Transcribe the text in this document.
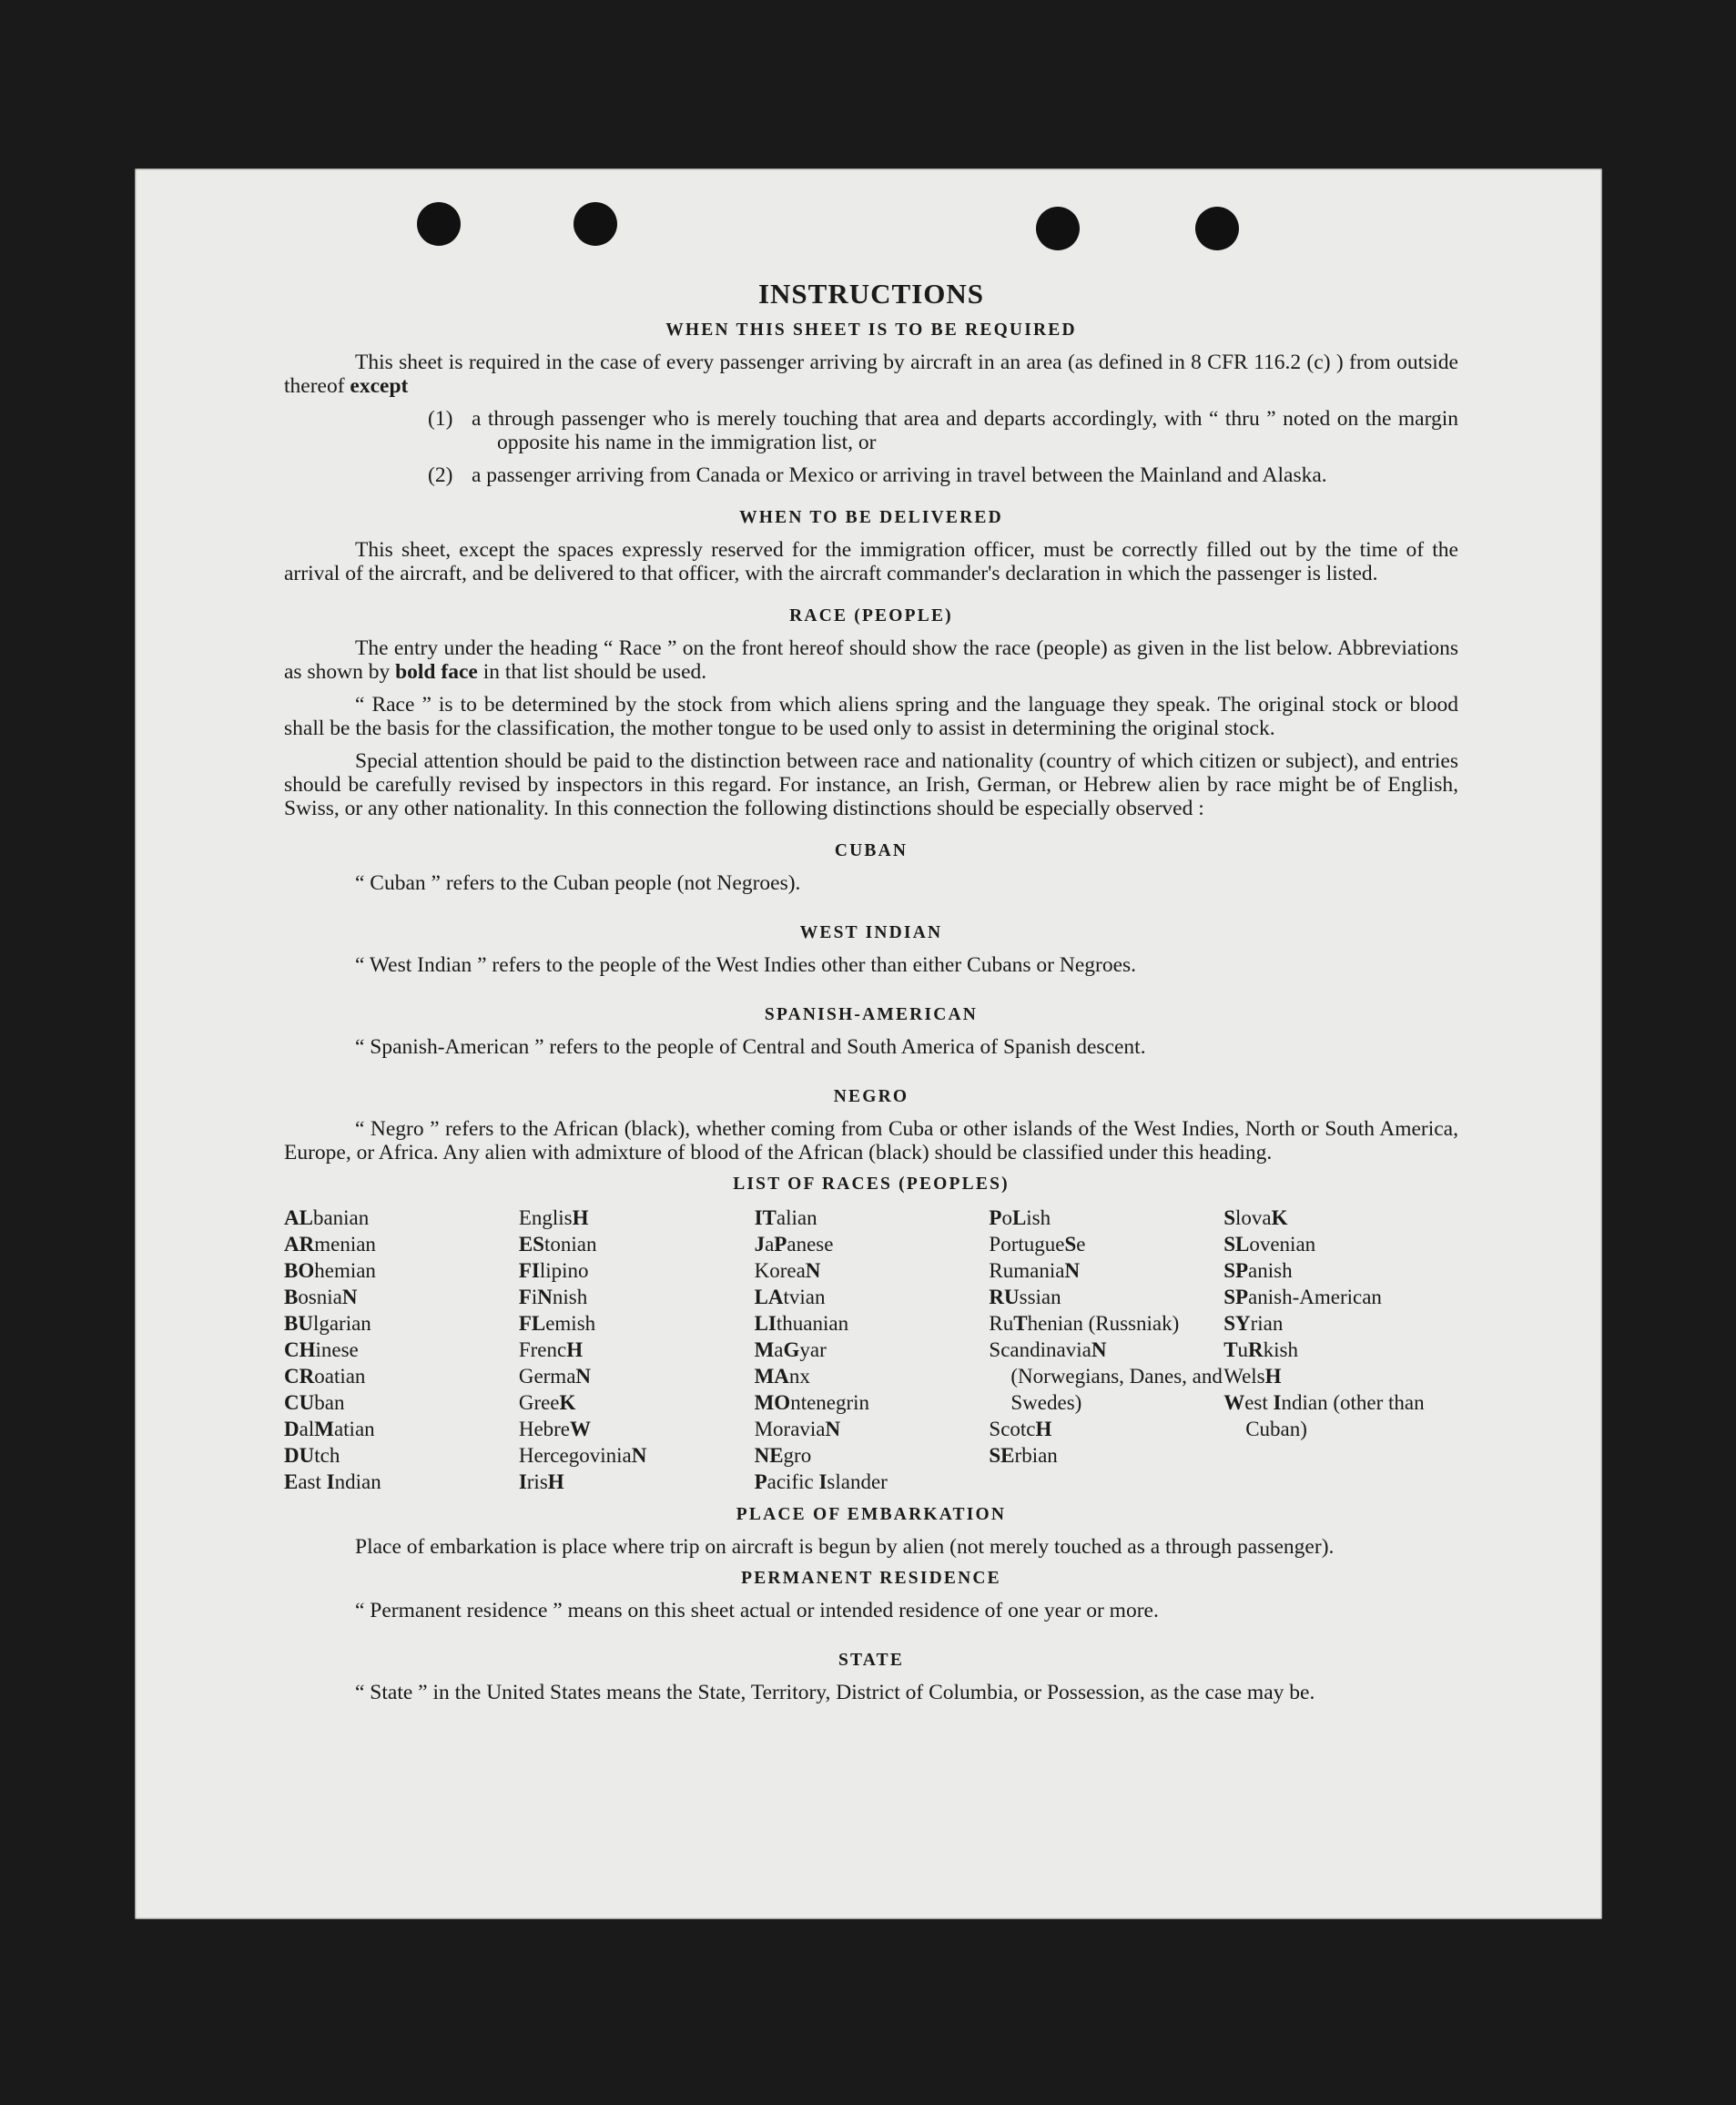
INSTRUCTIONS
WHEN THIS SHEET IS TO BE REQUIRED

This sheet is required in the case of every passenger arriving by aircraft in an area (as defined in 8 CFR 116.2 (c) ) from outside thereof except

(1) a through passenger who is merely touching that area and departs accordingly, with “ thru ” noted on the margin opposite his name in the immigration list, or

(2) a passenger arriving from Canada or Mexico or arriving in travel between the Mainland and Alaska.

WHEN TO BE DELIVERED

This sheet, except the spaces expressly reserved for the immigration officer, must be correctly filled out by the time of the arrival of the aircraft, and be delivered to that officer, with the aircraft commander's declaration in which the passenger is listed.

RACE (PEOPLE)

The entry under the heading “ Race ” on the front hereof should show the race (people) as given in the list below. Abbreviations as shown by bold face in that list should be used.

“ Race ” is to be determined by the stock from which aliens spring and the language they speak. The original stock or blood shall be the basis for the classification, the mother tongue to be used only to assist in determining the original stock.

Special attention should be paid to the distinction between race and nationality (country of which citizen or subject), and entries should be carefully revised by inspectors in this regard. For instance, an Irish, German, or Hebrew alien by race might be of English, Swiss, or any other nationality. In this connection the following distinctions should be especially observed :

CUBAN

“ Cuban ” refers to the Cuban people (not Negroes).

WEST INDIAN

“ West Indian ” refers to the people of the West Indies other than either Cubans or Negroes.

SPANISH-AMERICAN

“ Spanish-American ” refers to the people of Central and South America of Spanish descent.

NEGRO

“ Negro ” refers to the African (black), whether coming from Cuba or other islands of the West Indies, North or South America, Europe, or Africa. Any alien with admixture of blood of the African (black) should be classified under this heading.

LIST OF RACES (PEOPLES)
ALbanian
ARmenian
BOhemian
BosniaN
BUlgarian
CHinese
CRoatian
CUban
DalMatian
DUtch
East Indian
EnglisH
EStonian
FIlipino
FiNnish
FLemish
FrencH
GermaN
GreeK
HebreW
HercegoviniaN
IrisH
ITalian
JaPanese
KoreaN
LAtvian
LIthuanian
MaGyar
MAnx
MOntenegrin
MoraviaN
NEgro
Pacific Islander
PoLish
PortugueSe
RumaniaN
RUssian
RuThenian (Russniak)
ScandinaviaN (Norwegians, Danes, and Swedes)
ScotcH
SErbian
SlovaK
SLovenian
SPanish
SPanish-American
SYrian
TuRkish
WelsH
West Indian (other than Cuban)
PLACE OF EMBARKATION

Place of embarkation is place where trip on aircraft is begun by alien (not merely touched as a through passenger).

PERMANENT RESIDENCE

“ Permanent residence ” means on this sheet actual or intended residence of one year or more.

STATE

“ State ” in the United States means the State, Territory, District of Columbia, or Possession, as the case may be.
